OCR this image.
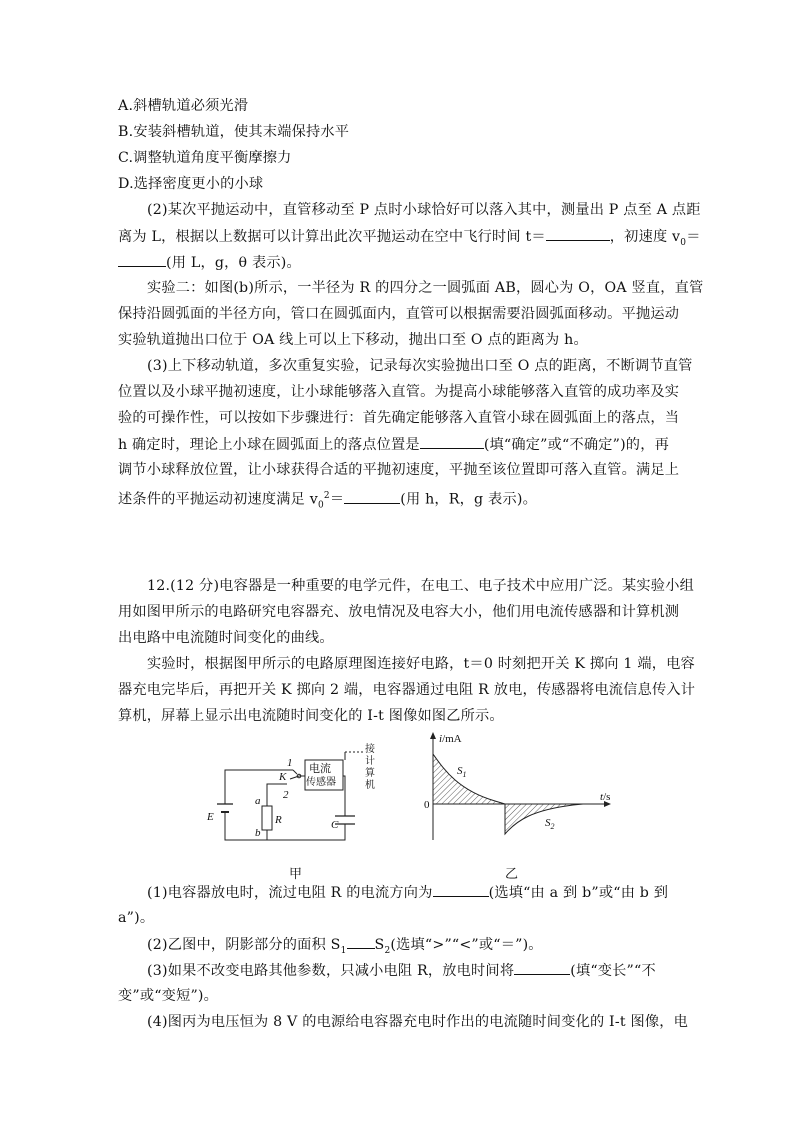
A.斜槽轨道必须光滑
B.安装斜槽轨道，使其末端保持水平
C.调整轨道角度平衡摩擦力
D.选择密度更小的小球
(2)某次平抛运动中，直管移动至 P 点时小球恰好可以落入其中，测量出 P 点至 A 点距
离为 L，根据以上数据可以计算出此次平抛运动在空中飞行时间 t＝	，初速度 $v_0=$
(用 L，g，θ 表示)。
实验二：如图(b)所示，一半径为 R 的四分之一圆弧面 AB，圆心为 O，OA 竖直，直管
保持沿圆弧面的半径方向，管口在圆弧面内，直管可以根据需要沿圆弧面移动。平抛运动
实验轨道抛出口位于 OA 线上可以上下移动，抛出口至 O 点的距离为 h。
(3)上下移动轨道，多次重复实验，记录每次实验抛出口至 O 点的距离，不断调节直管
位置以及小球平抛初速度，让小球能够落入直管。为提高小球能够落入直管的成功率及实
验的可操作性，可以按如下步骤进行：首先确定能够落入直管小球在圆弧面上的落点，当
h 确定时，理论上小球在圆弧面上的落点位置是	(填“确定”或“不确定”)的，再
调节小球释放位置，让小球获得合适的平抛初速度，平抛至该位置即可落入直管。满足上
述条件的平抛运动初速度满足 $v_0^2=$	(用 h，R，g 表示)。
12.(12 分)电容器是一种重要的电学元件，在电工、电子技术中应用广泛。某实验小组
用如图甲所示的电路研究电容器充、放电情况及电容大小，他们用电流传感器和计算机测
出电路中电流随时间变化的曲线。
实验时，根据图甲所示的电路原理图连接好电路，t＝0 时刻把开关 K 掷向 1 端，电容
器充电完毕后，再把开关 K 掷向 2 端，电容器通过电阻 R 放电，传感器将电流信息传入计
算机，屏幕上显示出电流随时间变化的 I-t 图像如图乙所示。
电流
传感器
接
计
算
机
1
2
K
a
b
R
E
C
i/mA
t/s
0
$S_1$
$S_2$
甲	乙
(1)电容器放电时，流过电阻 R 的电流方向为	(选填“由 a 到 b”或“由 b 到
a”)。
(2)乙图中，阴影部分的面积 $S_1$ $S_2$(选填“>”“<”或“＝”)。
(3)如果不改变电路其他参数，只减小电阻 R，放电时间将	(填“变长”“不
变”或“变短”)。
(4)图丙为电压恒为 8 V 的电源给电容器充电时作出的电流随时间变化的 I-t 图像，电
